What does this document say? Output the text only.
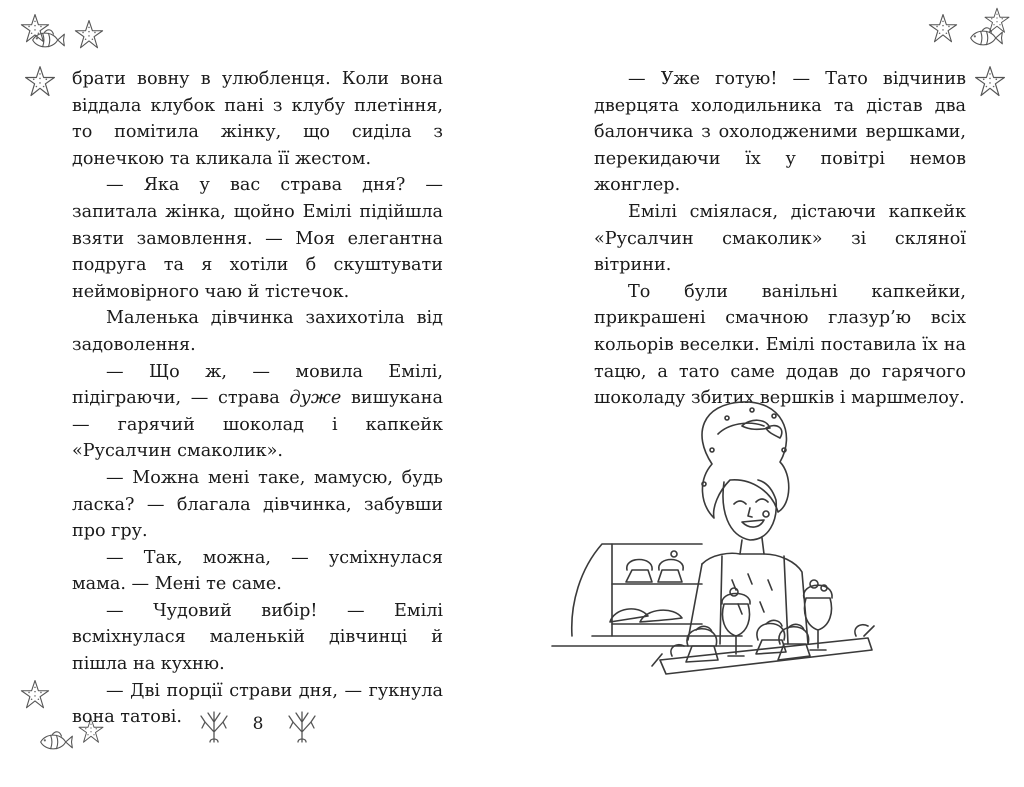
брати вовну в улюбленця. Коли вона віддала клубок пані з клубу плетіння, то помітила жінку, що сиділа з донечкою та кликала її жестом.

— Яка у вас страва дня? — запитала жінка, щойно Емілі підійшла взяти замовлення. — Моя елегантна подруга та я хотіли б скуштувати неймовірного чаю й тістечок.

Маленька дівчинка захихотіла від задоволення.

— Що ж, — мовила Емілі, підіграючи, — страва дуже вишукана — гарячий шоколад і капкейк «Русалчин смаколик».

— Можна мені таке, мамусю, будь ласка? — благала дівчинка, забувши про гру.

— Так, можна, — усміхнулася мама. — Мені те саме.

— Чудовий вибір! — Емілі всміхнулася маленькій дівчинці й пішла на кухню.

— Дві порції страви дня, — гукнула вона татові.	8

— Уже готую! — Тато відчинив дверцята холодильника та дістав два балончика з охолодженими вершками, перекидаючи їх у повітрі немов жонглер.

Емілі сміялася, дістаючи капкейк «Русалчин смаколик» зі скляної вітрини.

То були ванільні капкейки, прикрашені смачною глазур’ю всіх кольорів веселки. Емілі поставила їх на тацю, а тато саме додав до гарячого шоколаду збитих вершків і маршмелоу.
